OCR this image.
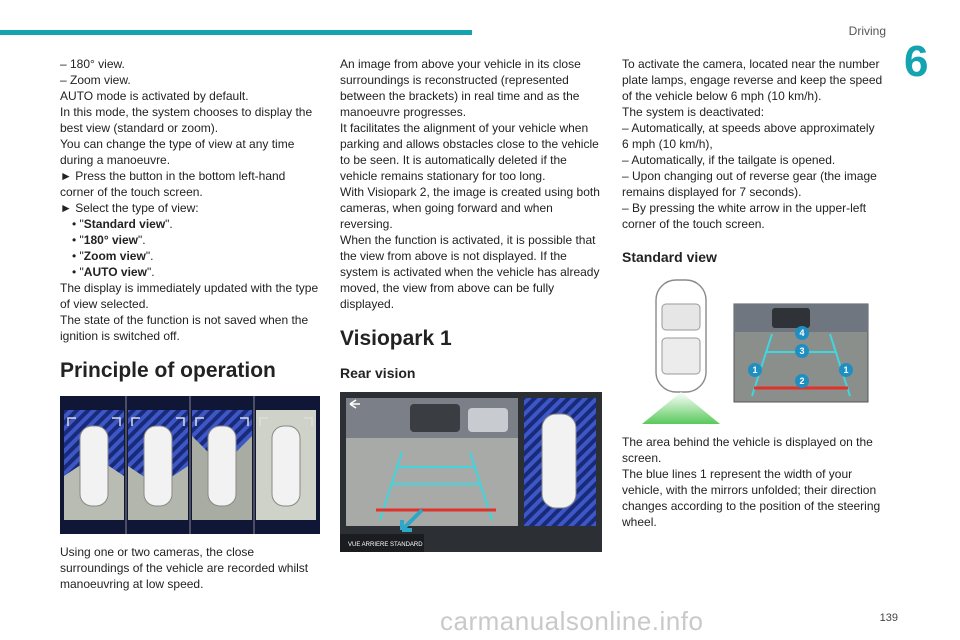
Driving
6

– 180° view.

– Zoom view.

AUTO mode is activated by default.

In this mode, the system chooses to display the best view (standard or zoom).

You can change the type of view at any time during a manoeuvre.

► Press the button in the bottom left-hand corner of the touch screen.

► Select the type of view:

• "Standard view".

• "180° view".

• "Zoom view".

• "AUTO view".

The display is immediately updated with the type of view selected.

The state of the function is not saved when the ignition is switched off.

Principle of operation

Using one or two cameras, the close surroundings of the vehicle are recorded whilst manoeuvring at low speed.

An image from above your vehicle in its close surroundings is reconstructed (represented between the brackets) in real time and as the manoeuvre progresses.

It facilitates the alignment of your vehicle when parking and allows obstacles close to the vehicle to be seen. It is automatically deleted if the vehicle remains stationary for too long.

With Visiopark 2, the image is created using both cameras, when going forward and when reversing.

When the function is activated, it is possible that the view from above is not displayed. If the system is activated when the vehicle has already moved, the view from above can be fully displayed.

Visiopark 1
Rear vision
VUE ARRIERE STANDARD

To activate the camera, located near the number plate lamps, engage reverse and keep the speed of the vehicle below 6 mph (10 km/h).

The system is deactivated:

– Automatically, at speeds above approximately 6 mph (10 km/h),

– Automatically, if the tailgate is opened.

– Upon changing out of reverse gear (the image remains displayed for 7 seconds).

– By pressing the white arrow in the upper-left corner of the touch screen.

Standard view
4
3
1
2
1

The area behind the vehicle is displayed on the screen.

The blue lines 1 represent the width of your vehicle, with the mirrors unfolded; their direction changes according to the position of the steering wheel.

carmanualsonline.info	139
